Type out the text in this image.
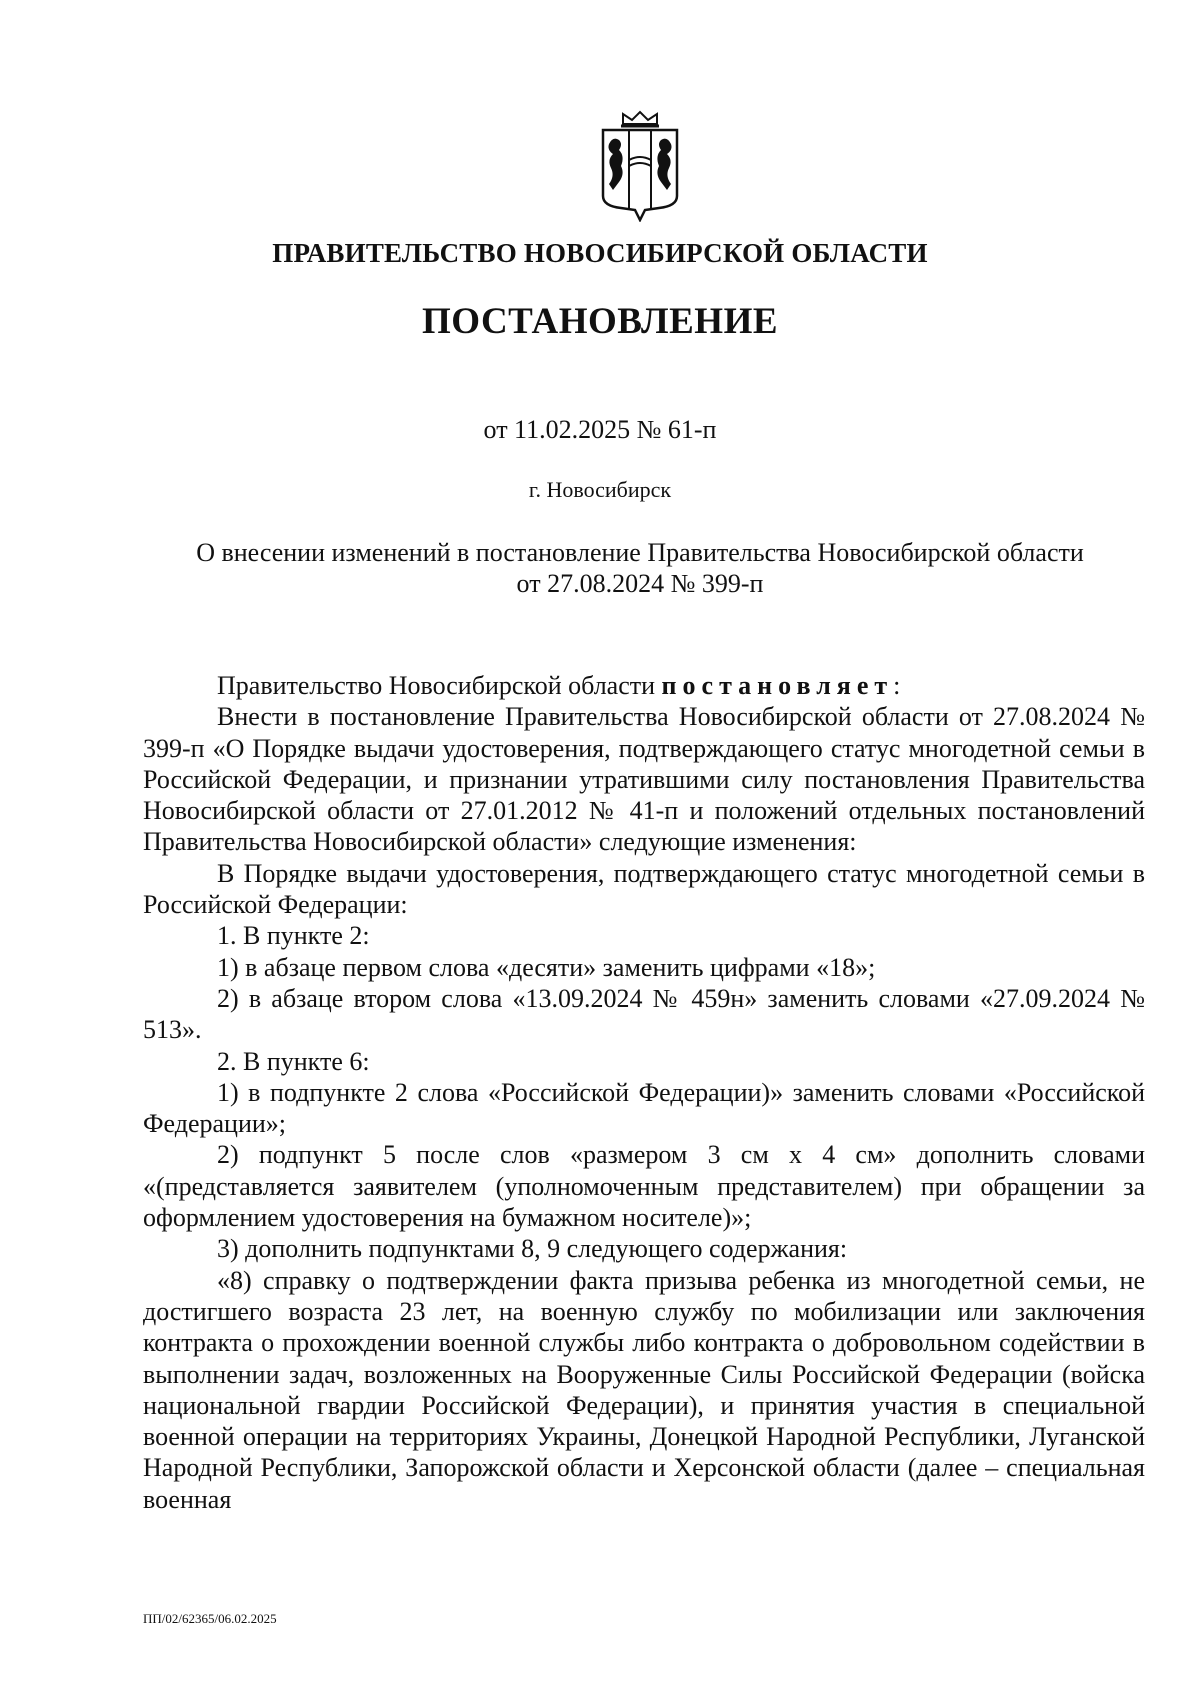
ПРАВИТЕЛЬСТВО НОВОСИБИРСКОЙ ОБЛАСТИ
ПОСТАНОВЛЕНИЕ
от 11.02.2025 № 61-п
г. Новосибирск
О внесении изменений в постановление Правительства Новосибирской области
от 27.08.2024 № 399-п

Правительство Новосибирской области постановляет:

Внести в постановление Правительства Новосибирской области от 27.08.2024 № 399-п «О Порядке выдачи удостоверения, подтверждающего статус многодетной семьи в Российской Федерации, и признании утратившими силу постановления Правительства Новосибирской области от 27.01.2012 № 41-п и положений отдельных постановлений Правительства Новосибирской области» следующие изменения:

В Порядке выдачи удостоверения, подтверждающего статус многодетной семьи в Российской Федерации:

1. В пункте 2:

1) в абзаце первом слова «десяти» заменить цифрами «18»;

2) в абзаце втором слова «13.09.2024 № 459н» заменить словами «27.09.2024 № 513».

2. В пункте 6:

1) в подпункте 2 слова «Российской Федерации)» заменить словами «Российской Федерации»;

2) подпункт 5 после слов «размером 3 см x 4 см» дополнить словами «(представляется заявителем (уполномоченным представителем) при обращении за оформлением удостоверения на бумажном носителе)»;

3) дополнить подпунктами 8, 9 следующего содержания:

«8) справку о подтверждении факта призыва ребенка из многодетной семьи, не достигшего возраста 23 лет, на военную службу по мобилизации или заключения контракта о прохождении военной службы либо контракта о добровольном содействии в выполнении задач, возложенных на Вооруженные Силы Российской Федерации (войска национальной гвардии Российской Федерации), и принятия участия в специальной военной операции на территориях Украины, Донецкой Народной Республики, Луганской Народной Республики, Запорожской области и Херсонской области (далее – специальная военная

ПП/02/62365/06.02.2025
